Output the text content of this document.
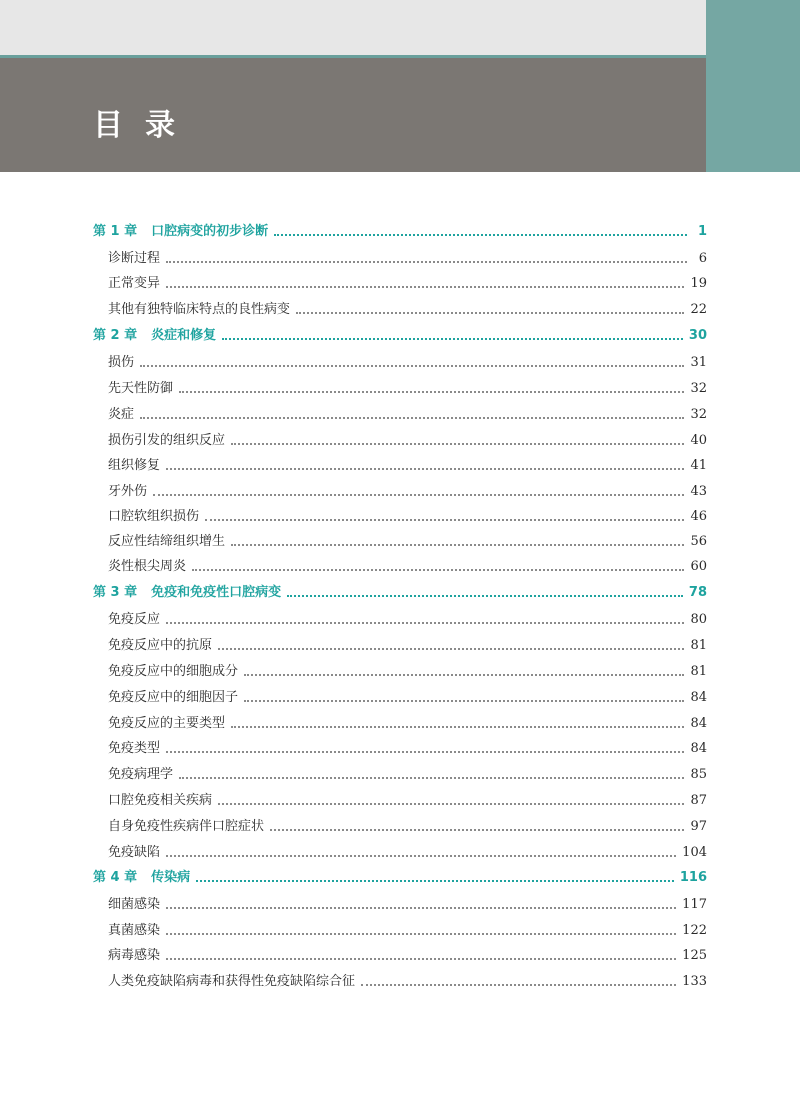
目录
第 1 章 口腔病变的初步诊断	1
诊断过程	6
正常变异	19
其他有独特临床特点的良性病变	22
第 2 章 炎症和修复	30
损伤	31
先天性防御	32
炎症	32
损伤引发的组织反应	40
组织修复	41
牙外伤	43
口腔软组织损伤	46
反应性结缔组织增生	56
炎性根尖周炎	60
第 3 章 免疫和免疫性口腔病变	78
免疫反应	80
免疫反应中的抗原	81
免疫反应中的细胞成分	81
免疫反应中的细胞因子	84
免疫反应的主要类型	84
免疫类型	84
免疫病理学	85
口腔免疫相关疾病	87
自身免疫性疾病伴口腔症状	97
免疫缺陷	104
第 4 章 传染病	116
细菌感染	117
真菌感染	122
病毒感染	125
人类免疫缺陷病毒和获得性免疫缺陷综合征	133
